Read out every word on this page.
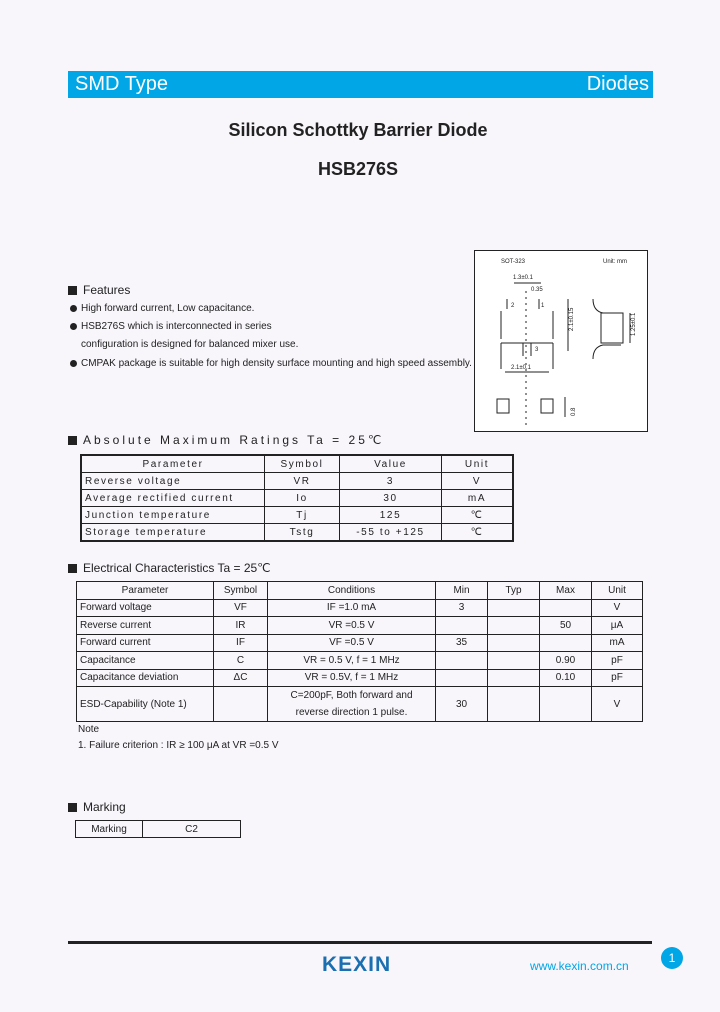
SMD Type	Diodes
Silicon Schottky Barrier Diode
HSB276S
SOT-323	Unit: mm
1.3±0.1
2.1±0.15
2.1±0.1
0.35
1.25±0.1
0.8
1
2
3
Features
High forward current, Low capacitance.
HSB276S which is interconnected in series
configuration is designed for balanced mixer use.
CMPAK package is suitable for high density surface mounting and high speed assembly.
Absolute Maximum Ratings Ta = 25℃
Parameter	Symbol	Value	Unit
Reverse voltage	VR	3	V
Average rectified current	Io	30	mA
Junction temperature	Tj	125	℃
Storage temperature	Tstg	-55 to +125	℃
Electrical Characteristics Ta = 25℃
Parameter	Symbol	Conditions	Min	Typ	Max	Unit
Forward voltage	VF	IF =1.0 mA	3			V
Reverse current	IR	VR =0.5 V			50	μA
Forward current	IF	VF =0.5 V	35			mA
Capacitance	C	VR = 0.5 V, f = 1 MHz			0.90	pF
Capacitance deviation	ΔC	VR = 0.5V, f = 1 MHz			0.10	pF
ESD-Capability (Note 1)		C=200pF, Both forward and
reverse direction 1 pulse.	30			V
Note
1. Failure criterion : IR ≥ 100 μA at VR =0.5 V
Marking
Marking	C2
KEXIN	www.kexin.com.cn
1
